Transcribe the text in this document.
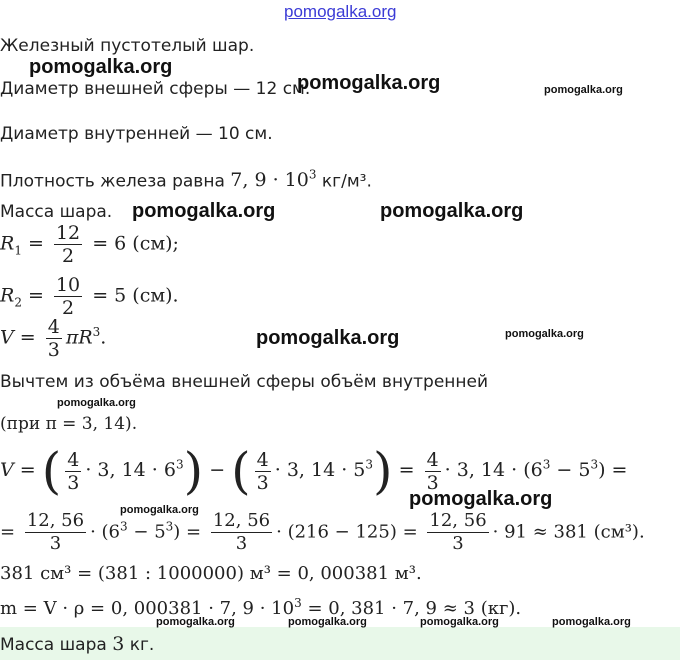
pomogalka.org
Железный пустотелый шар.
pomogalka.org
Диаметр внешней сферы — 12 см.
pomogalka.org	pomogalka.org
Диаметр внутренней — 10 см.
Плотность железа равна 7, $9 \cdot 10^3$ кг/м³.
Масса шара. pomogalka.org	pomogalka.org
$R_1 = \frac{12}{2} = 6$ (см);
$R_2 = \frac{10}{2} = 5$ (см).
$V = \frac{4}{3} \pi R^3$.	pomogalka.org	pomogalka.org
Вычтем из объёма внешней сферы объём внутренней
pomogalka.org
(при π = 3, 14).
V = ( $\frac{4}{3} \cdot 3$, $14 \cdot 6^3$) − ( $\frac{4}{3} \cdot 3$, $14 \cdot 5^3) = \frac{4}{3} \cdot 3$, $14 \cdot (6^3 - 5^3)$ =
pomogalka.org
pomogalka.org
= $\frac{12, 56}{3} \cdot (6^3 - 5^3) = \frac{12, 56}{3} \cdot (216 - 125) = \frac{12, 56}{3} \cdot 91 \approx 381$ (см³).
381 см³ = (381 : 1000000) м³ = 0, 000381 м³.
m = V · ρ = 0, 000381 · 7, $9 \cdot 10^3 = 0$, 381 · 7, 9 ≈ 3 (кг).
Масса шара 3 кг.
pomogalka.org	pomogalka.org	pomogalka.org	pomogalka.org
